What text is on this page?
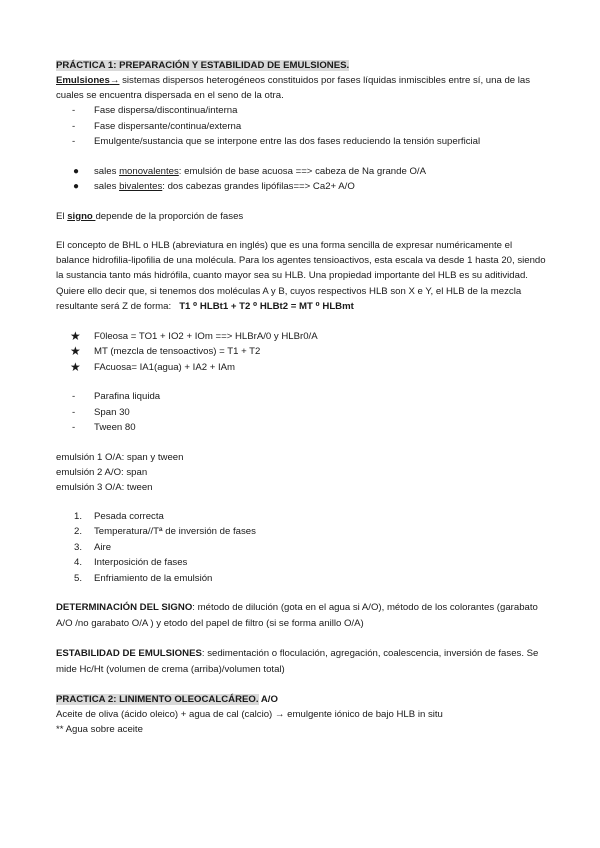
PRÁCTICA 1: PREPARACIÓN Y ESTABILIDAD DE EMULSIONES.

Emulsiones→ sistemas dispersos heterogéneos constituidos por fases líquidas inmiscibles entre sí, una de las cuales se encuentra dispersada en el seno de la otra.

-	Fase dispersa/discontinua/interna
-	Fase dispersante/continua/externa
-	Emulgente/sustancia que se interpone entre las dos fases reduciendo la tensión superficial
●	sales monovalentes: emulsión de base acuosa ==> cabeza de Na grande O/A
●	sales bivalentes: dos cabezas grandes lipófilas==> Ca2+ A/O

El signo depende de la proporción de fases

El concepto de BHL o HLB (abreviatura en inglés) que es una forma sencilla de expresar numéricamente el balance hidrofilia-lipofilia de una molécula. Para los agentes tensioactivos, esta escala va desde 1 hasta 20, siendo la sustancia tanto más hidrófila, cuanto mayor sea su HLB. Una propiedad importante del HLB es su aditividad. Quiere ello decir que, si tenemos dos moléculas A y B, cuyos respectivos HLB son X e Y, el HLB de la mezcla resultante será Z de forma: T1 ⁰ HLBt1 + T2 ⁰ HLBt2 = MT ⁰ HLBmt

★	F0leosa = TO1 + IO2 + IOm ==> HLBrA/0 y HLBr0/A
★	MT (mezcla de tensoactivos) = T1 + T2
★	FAcuosa= IA1(agua) + IA2 + IAm
-	Parafina liquida
-	Span 30
-	Tween 80

emulsión 1 O/A: span y tween

emulsión 2 A/O: span

emulsión 3 O/A: tween

1.	Pesada correcta
2.	Temperatura//Tª de inversión de fases
3.	Aire
4.	Interposición de fases
5.	Enfriamiento de la emulsión

DETERMINACIÓN DEL SIGNO: método de dilución (gota en el agua si A/O), método de los colorantes (garabato A/O /no garabato O/A ) y etodo del papel de filtro (si se forma anillo O/A)

ESTABILIDAD DE EMULSIONES: sedimentación o floculación, agregación, coalescencia, inversión de fases. Se mide Hc/Ht (volumen de crema (arriba)/volumen total)

PRACTICA 2: LINIMENTO OLEOCALCÁREO. A/O

Aceite de oliva (ácido oleico) + agua de cal (calcio) → emulgente iónico de bajo HLB in situ

** Agua sobre aceite
